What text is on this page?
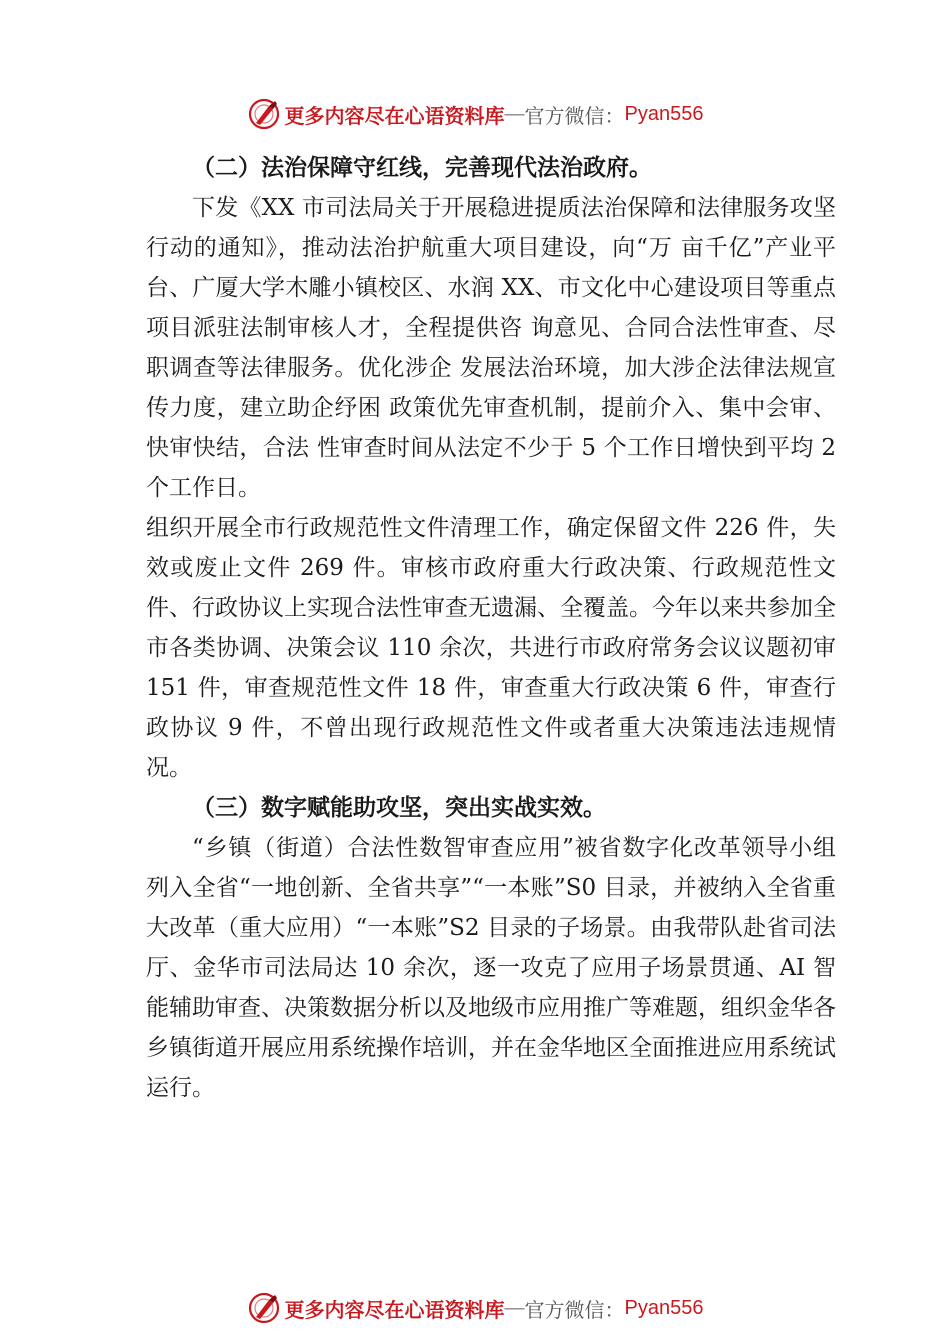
更多内容尽在心语资料库 — 官方微信： Pyan556

（二）法治保障守红线，完善现代法治政府。

下发《XX 市司法局关于开展稳进提质法治保障和法律服务攻坚行动的通知》，推动法治护航重大项目建设，向“万 亩千亿”产业平台、广厦大学木雕小镇校区、水润 XX、市文化中心建设项目等重点项目派驻法制审核人才，全程提供咨 询意见、合同合法性审查、尽职调查等法律服务。优化涉企 发展法治环境，加大涉企法律法规宣传力度，建立助企纾困 政策优先审查机制，提前介入、集中会审、快审快结，合法 性审查时间从法定不少于 5 个工作日增快到平均 2 个工作日。

组织开展全市行政规范性文件清理工作，确定保留文件 226 件，失效或废止文件 269 件。审核市政府重大行政决策、行政规范性文件、行政协议上实现合法性审查无遗漏、全覆盖。今年以来共参加全市各类协调、决策会议 110 余次，共进行市政府常务会议议题初审 151 件，审查规范性文件 18 件，审查重大行政决策 6 件，审查行政协议 9 件，不曾出现行政规范性文件或者重大决策违法违规情况。

（三）数字赋能助攻坚，突出实战实效。

“乡镇（街道）合法性数智审查应用”被省数字化改革领导小组列入全省“一地创新、全省共享”“一本账”S0 目录，并被纳入全省重大改革（重大应用）“一本账”S2 目录的子场景。由我带队赴省司法厅、金华市司法局达 10 余次，逐一攻克了应用子场景贯通、AI 智能辅助审查、决策数据分析以及地级市应用推广等难题，组织金华各乡镇街道开展应用系统操作培训，并在金华地区全面推进应用系统试运行。

更多内容尽在心语资料库 — 官方微信： Pyan556
